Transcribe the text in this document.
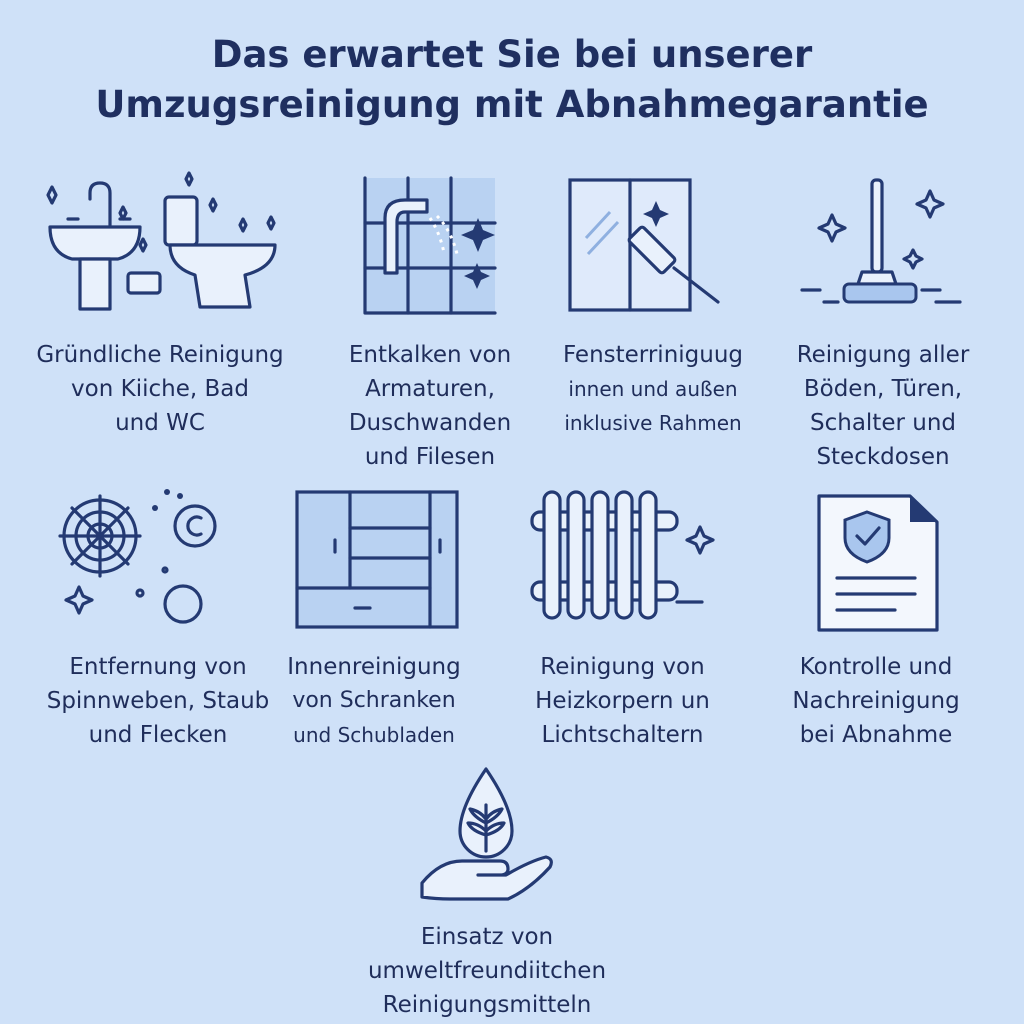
Das erwartet Sie bei unserer
Umzugsreinigung mit Abnahmegarantie
Gründliche Reinigung
von Kiiche, Bad
und WC
Entkalken von
Armaturen,
Duschwanden
und Filesen
Fensterriniguug
innen und außen
inklusive Rahmen
Reinigung aller
Böden, Türen,
Schalter und
Steckdosen
Entfernung von
Spinnweben, Staub
und Flecken
Innenreinigung
von Schranken
und Schubladen
Reinigung von
Heizkorpern un
Lichtschaltern
Kontrolle und
Nachreinigung
bei Abnahme
Einsatz von
umweltfreundiitchen
Reinigungsmitteln
